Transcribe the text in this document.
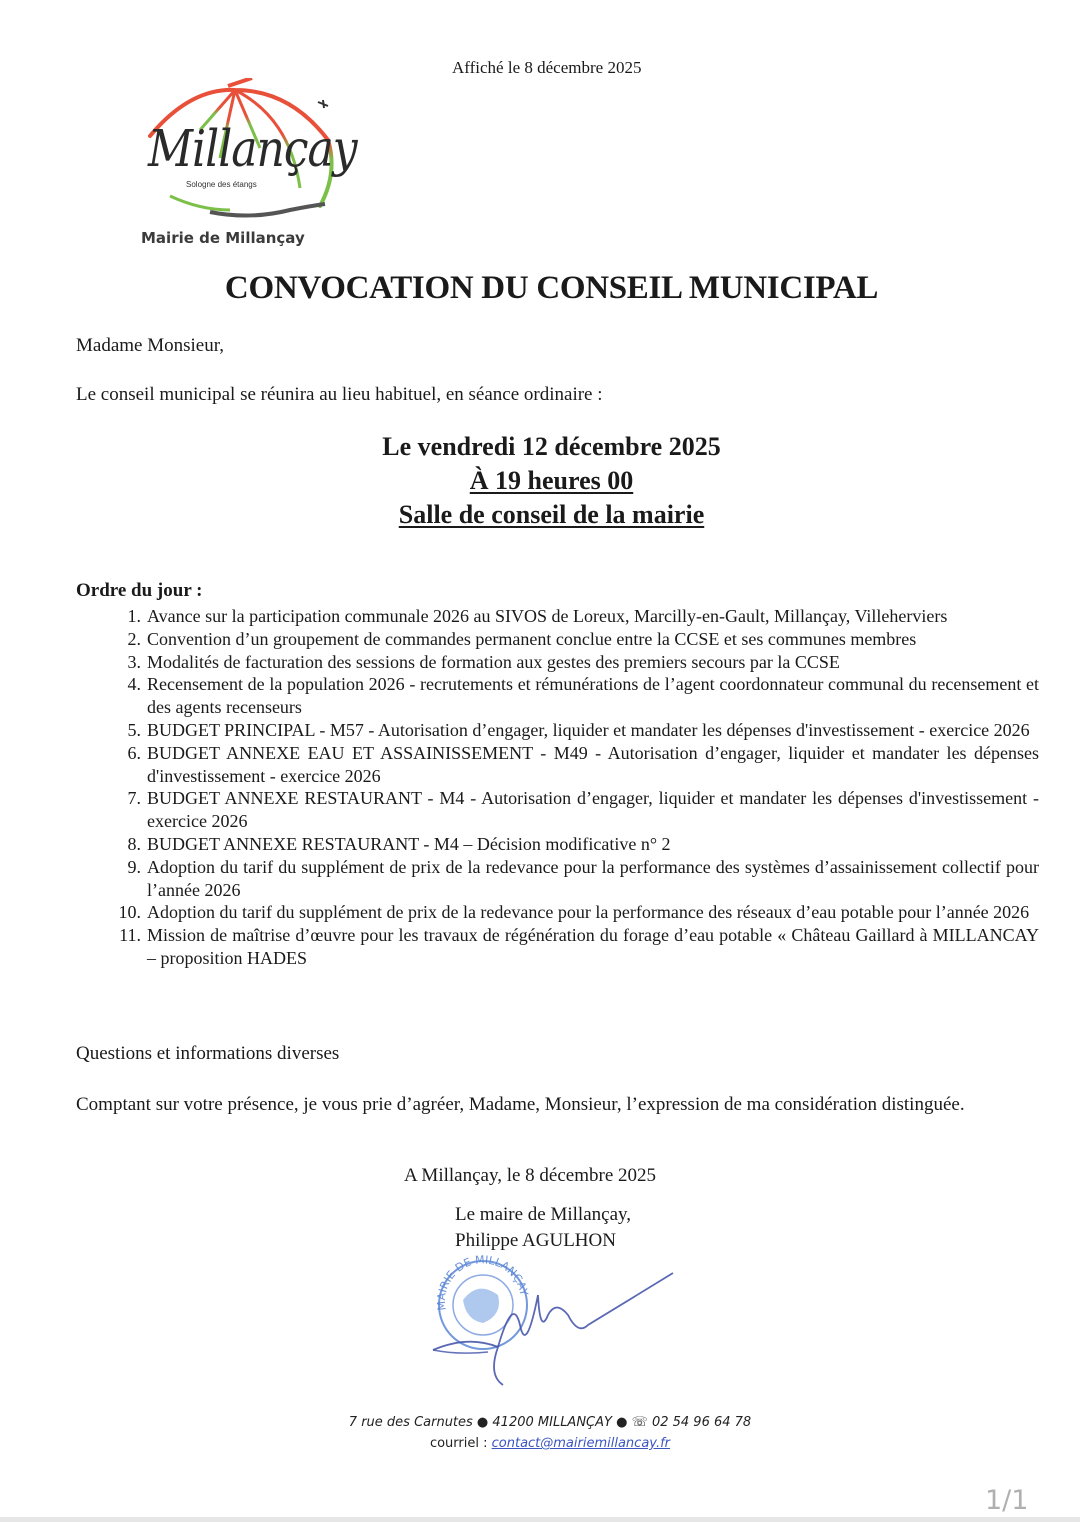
Affiché le 8 décembre 2025
Millançay
Sologne des étangs
Mairie de Millançay
CONVOCATION DU CONSEIL MUNICIPAL
Madame Monsieur,
Le conseil municipal se réunira au lieu habituel, en séance ordinaire :
Le vendredi 12 décembre 2025
À 19 heures 00
Salle de conseil de la mairie
Ordre du jour :
1. Avance sur la participation communale 2026 au SIVOS de Loreux, Marcilly-en-Gault, Millançay, Villeherviers
2. Convention d’un groupement de commandes permanent conclue entre la CCSE et ses communes membres
3. Modalités de facturation des sessions de formation aux gestes des premiers secours par la CCSE
4. Recensement de la population 2026 - recrutements et rémunérations de l’agent coordonnateur communal du recensement et des agents recenseurs
5. BUDGET PRINCIPAL - M57 - Autorisation d’engager, liquider et mandater les dépenses d'investissement - exercice 2026
6. BUDGET ANNEXE EAU ET ASSAINISSEMENT - M49 - Autorisation d’engager, liquider et mandater les dépenses d'investissement - exercice 2026
7. BUDGET ANNEXE RESTAURANT - M4 - Autorisation d’engager, liquider et mandater les dépenses d'investissement - exercice 2026
8. BUDGET ANNEXE RESTAURANT - M4 – Décision modificative n° 2
9. Adoption du tarif du supplément de prix de la redevance pour la performance des systèmes d’assainissement collectif pour l’année 2026
10. Adoption du tarif du supplément de prix de la redevance pour la performance des réseaux d’eau potable pour l’année 2026
11. Mission de maîtrise d’œuvre pour les travaux de régénération du forage d’eau potable « Château Gaillard à MILLANCAY – proposition HADES
Questions et informations diverses
Comptant sur votre présence, je vous prie d’agréer, Madame, Monsieur, l’expression de ma considération distinguée.
A Millançay, le 8 décembre 2025
Le maire de Millançay,
Philippe AGULHON
MAIRIE DE MILLANÇAY
7 rue des Carnutes ● 41200 MILLANÇAY ● ☏ 02 54 96 64 78
courriel : contact@mairiemillancay.fr
1/1
